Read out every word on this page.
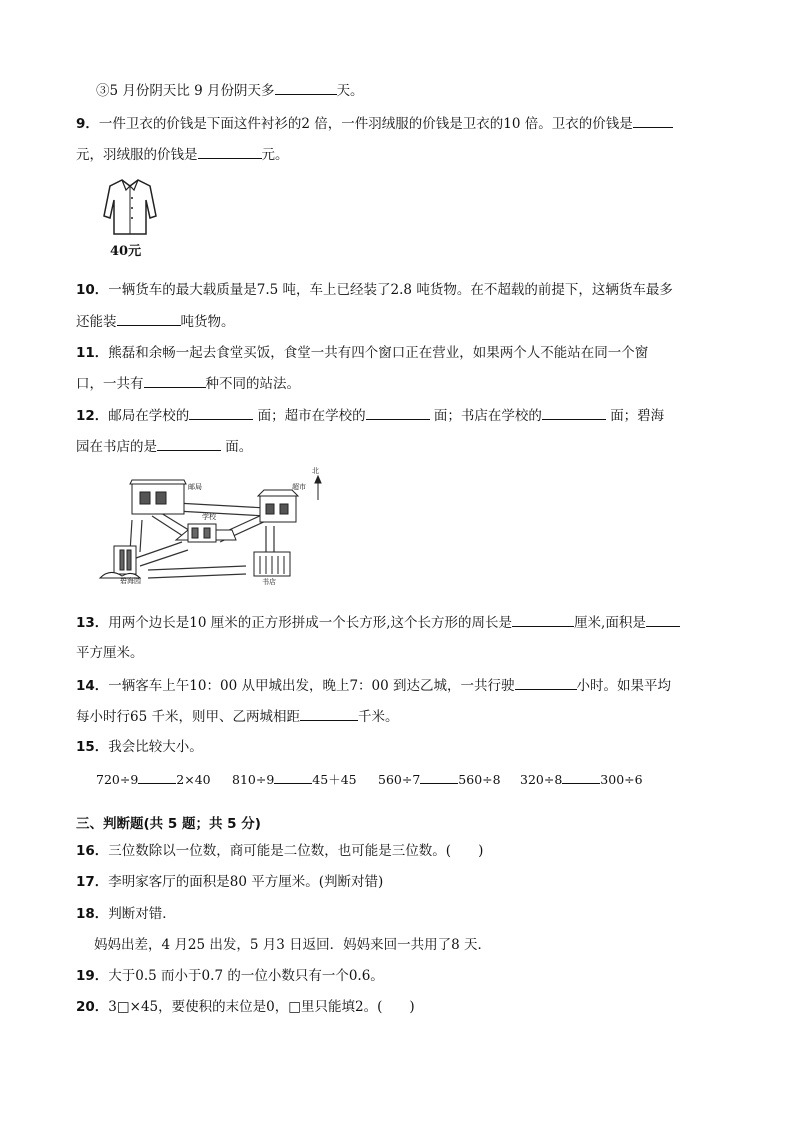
③5 月份阴天比 9 月份阴天多	天。
9．一件卫衣的价钱是下面这件衬衫的2 倍，一件羽绒服的价钱是卫衣的10 倍。卫衣的价钱是
元，羽绒服的价钱是	元。
40元
10．一辆货车的最大载质量是7.5 吨，车上已经装了2.8 吨货物。在不超载的前提下，这辆货车最多
还能装	吨货物。
11．熊磊和余畅一起去食堂买饭，食堂一共有四个窗口正在营业，如果两个人不能站在同一个窗
口，一共有	种不同的站法。
12．邮局在学校的	面；超市在学校的	面；书店在学校的	面；碧海
园在书店的是	面。
邮局	超市
学校
碧海园	书店
北
13．用两个边长是10 厘米的正方形拼成一个长方形,这个长方形的周长是	厘米,面积是
平方厘米。
14．一辆客车上午10：00 从甲城出发，晚上7：00 到达乙城，一共行驶	小时。如果平均
每小时行65 千米，则甲、乙两城相距	千米。
15．我会比较大小。
720÷9	2×40 810÷9	45＋45 560÷7	560÷8 320÷8	300÷6
三、判断题(共 5 题；共 5 分)
16．三位数除以一位数，商可能是二位数，也可能是三位数。(　　)
17．李明家客厅的面积是80 平方厘米。(判断对错)
18．判断对错．
妈妈出差，4 月25 出发，5 月3 日返回．妈妈来回一共用了8 天．
19．大于0.5 而小于0.7 的一位小数只有一个0.6。
20．3□×45，要使积的末位是0，□里只能填2。(　　)
